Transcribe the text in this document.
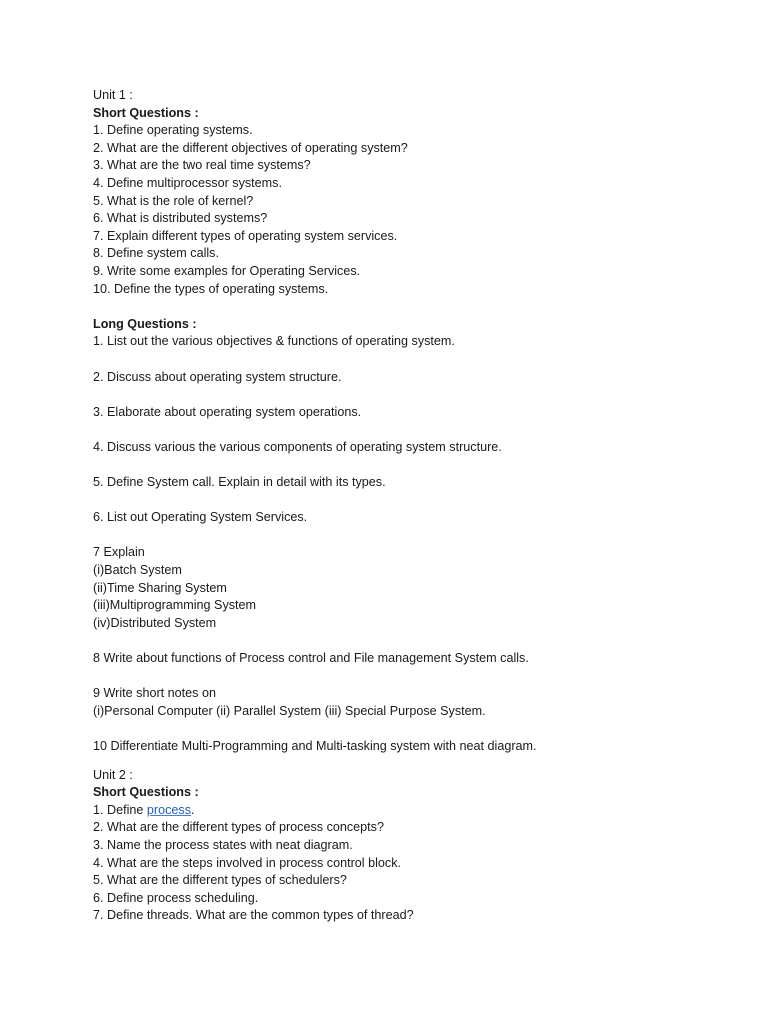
Unit 1 :
Short Questions :
1. Define operating systems.
2. What are the different objectives of operating system?
3. What are the two real time systems?
4. Define multiprocessor systems.
5. What is the role of kernel?
6. What is distributed systems?
7. Explain different types of operating system services.
8. Define system calls.
9. Write some examples for Operating Services.
10. Define the types of operating systems.
Long Questions :
1. List out the various objectives & functions of operating system.
2. Discuss about operating system structure.
3. Elaborate about operating system operations.
4. Discuss various the various components of operating system structure.
5. Define System call. Explain in detail with its types.
6. List out Operating System Services.
7 Explain
(i)Batch System
(ii)Time Sharing System
(iii)Multiprogramming System
(iv)Distributed System
8 Write about functions of Process control and File management System calls.
9 Write short notes on
(i)Personal Computer (ii) Parallel System (iii) Special Purpose System.
10 Differentiate Multi-Programming and Multi-tasking system with neat diagram.
Unit 2 :
Short Questions :
1. Define process.
2. What are the different types of process concepts?
3. Name the process states with neat diagram.
4. What are the steps involved in process control block.
5. What are the different types of schedulers?
6. Define process scheduling.
7. Define threads. What are the common types of thread?
